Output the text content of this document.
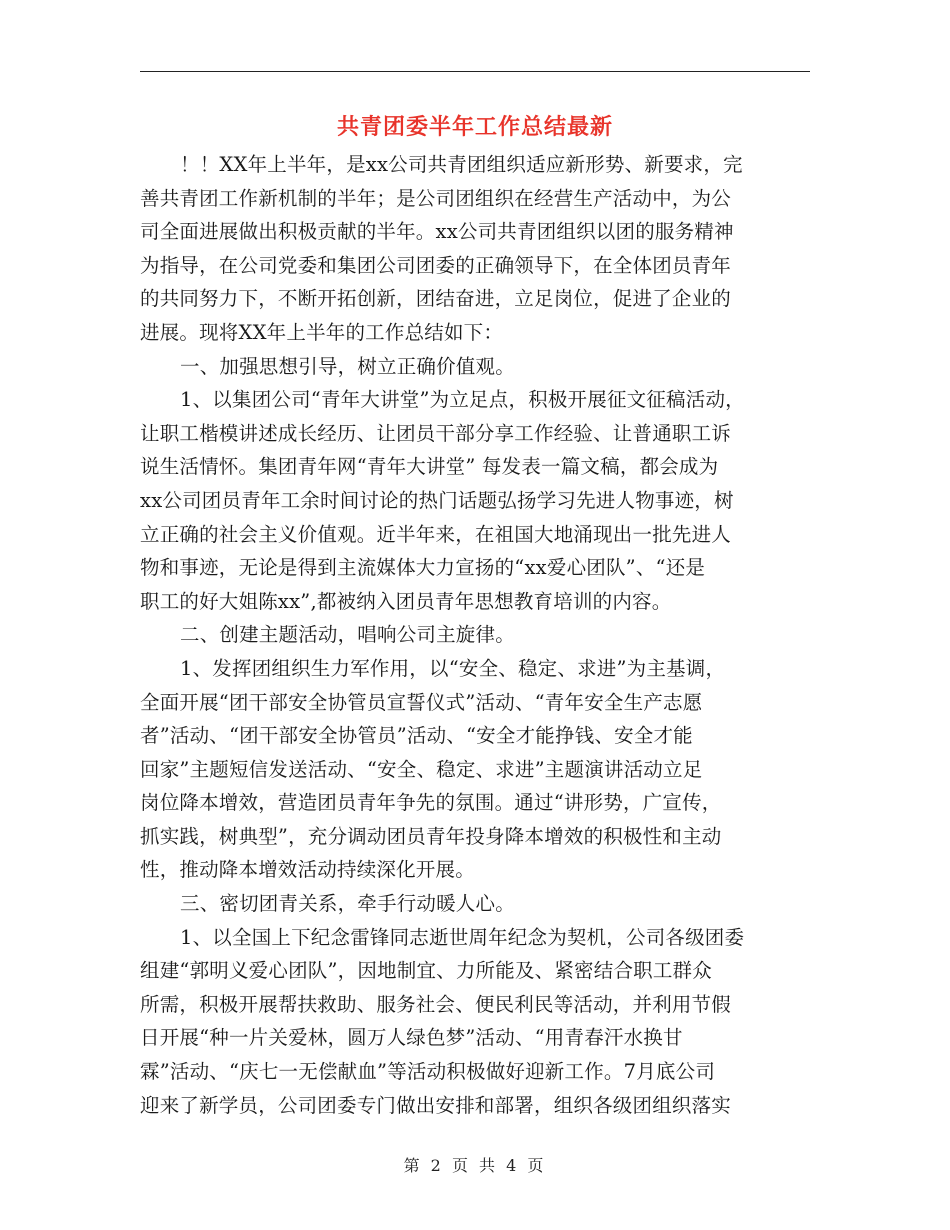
共青团委半年工作总结最新
！！XX年上半年，是xx公司共青团组织适应新形势、新要求，完
善共青团工作新机制的半年；是公司团组织在经营生产活动中，为公
司全面进展做出积极贡献的半年。xx公司共青团组织以团的服务精神
为指导，在公司党委和集团公司团委的正确领导下，在全体团员青年
的共同努力下，不断开拓创新，团结奋进，立足岗位，促进了企业的
进展。现将XX年上半年的工作总结如下：
一、加强思想引导，树立正确价值观。
1、以集团公司“青年大讲堂”为立足点，积极开展征文征稿活动，
让职工楷模讲述成长经历、让团员干部分享工作经验、让普通职工诉
说生活情怀。集团青年网“青年大讲堂” 每发表一篇文稿，都会成为
xx公司团员青年工余时间讨论的热门话题弘扬学习先进人物事迹，树
立正确的社会主义价值观。近半年来，在祖国大地涌现出一批先进人
物和事迹，无论是得到主流媒体大力宣扬的“xx爱心团队”、“还是
职工的好大姐陈xx”,都被纳入团员青年思想教育培训的内容。
二、创建主题活动，唱响公司主旋律。
1、发挥团组织生力军作用，以“安全、稳定、求进”为主基调，
全面开展“团干部安全协管员宣誓仪式”活动、“青年安全生产志愿
者”活动、“团干部安全协管员”活动、“安全才能挣钱、安全才能
回家”主题短信发送活动、“安全、稳定、求进”主题演讲活动立足
岗位降本增效，营造团员青年争先的氛围。通过“讲形势，广宣传，
抓实践，树典型”，充分调动团员青年投身降本增效的积极性和主动
性，推动降本增效活动持续深化开展。
三、密切团青关系，牵手行动暖人心。
1、以全国上下纪念雷锋同志逝世周年纪念为契机，公司各级团委
组建“郭明义爱心团队”，因地制宜、力所能及、紧密结合职工群众
所需，积极开展帮扶救助、服务社会、便民利民等活动，并利用节假
日开展“种一片关爱林，圆万人绿色梦”活动、“用青春汗水换甘
霖”活动、“庆七一无偿献血”等活动积极做好迎新工作。7月底公司
迎来了新学员，公司团委专门做出安排和部署，组织各级团组织落实
第 2 页 共 4 页
